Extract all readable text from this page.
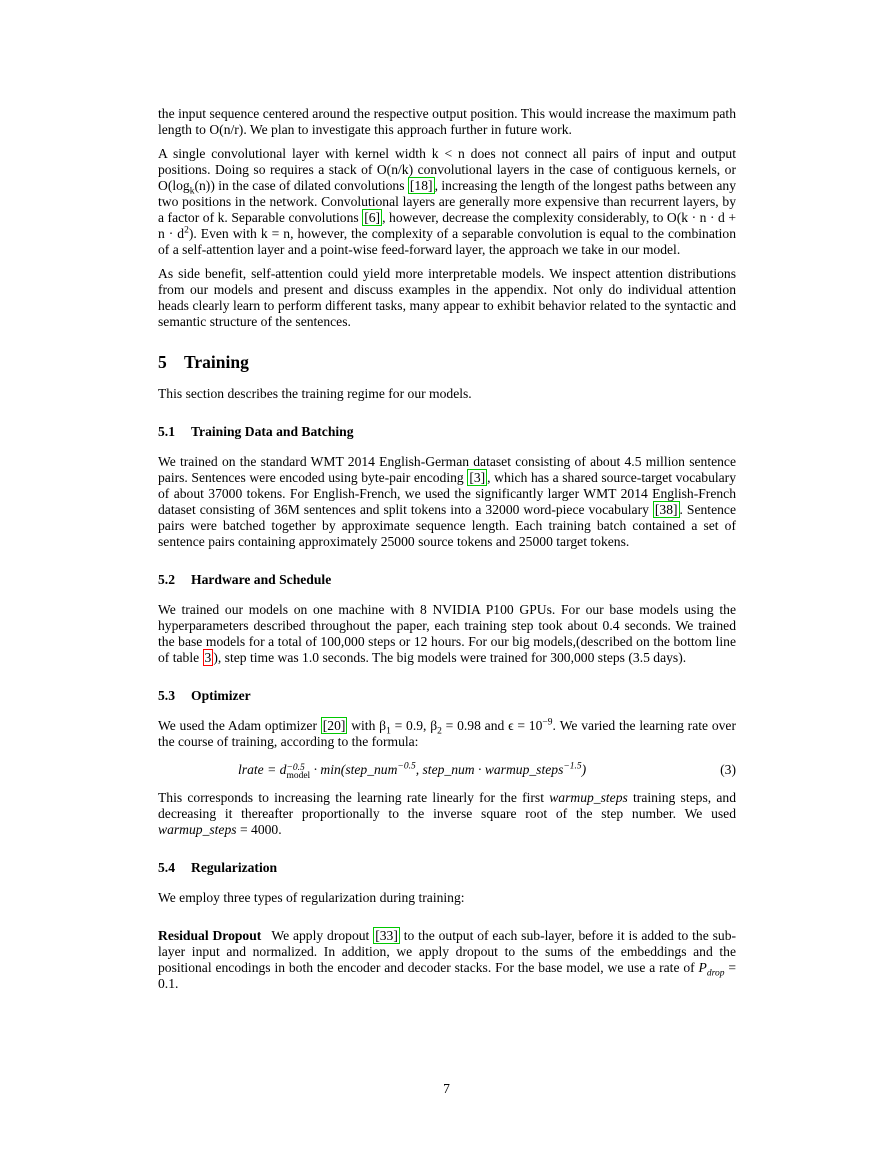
the input sequence centered around the respective output position. This would increase the maximum path length to O(n/r). We plan to investigate this approach further in future work.

A single convolutional layer with kernel width k < n does not connect all pairs of input and output positions. Doing so requires a stack of O(n/k) convolutional layers in the case of contiguous kernels, or $O(\log_k(n))$ in the case of dilated convolutions [18] , increasing the length of the longest paths between any two positions in the network. Convolutional layers are generally more expensive than recurrent layers, by a factor of k. Separable convolutions [6] , however, decrease the complexity considerably, to $O(k \cdot n \cdot d + n \cdot d^2)$. Even with k = n, however, the complexity of a separable convolution is equal to the combination of a self-attention layer and a point-wise feed-forward layer, the approach we take in our model.

As side benefit, self-attention could yield more interpretable models. We inspect attention distributions from our models and present and discuss examples in the appendix. Not only do individual attention heads clearly learn to perform different tasks, many appear to exhibit behavior related to the syntactic and semantic structure of the sentences.

5 Training

This section describes the training regime for our models.

5.1 Training Data and Batching

We trained on the standard WMT 2014 English-German dataset consisting of about 4.5 million sentence pairs. Sentences were encoded using byte-pair encoding [3] , which has a shared source-target vocabulary of about 37000 tokens. For English-French, we used the significantly larger WMT 2014 English-French dataset consisting of 36M sentences and split tokens into a 32000 word-piece vocabulary [38] . Sentence pairs were batched together by approximate sequence length. Each training batch contained a set of sentence pairs containing approximately 25000 source tokens and 25000 target tokens.

5.2 Hardware and Schedule

We trained our models on one machine with 8 NVIDIA P100 GPUs. For our base models using the hyperparameters described throughout the paper, each training step took about 0.4 seconds. We trained the base models for a total of 100,000 steps or 12 hours. For our big models,(described on the bottom line of table 3 ), step time was 1.0 seconds. The big models were trained for 300,000 steps (3.5 days).

5.3 Optimizer

We used the Adam optimizer [20] with $\beta_1 = 0.9$, $\beta_2 = 0.98$ and $\epsilon = 10^{-9}$. We varied the learning rate over the course of training, according to the formula:

lrate = d −0.5
model · min(step_num$^{-0.5}$, step_num · warmup_steps$^{-1.5}$)	(3)

This corresponds to increasing the learning rate linearly for the first warmup_steps training steps, and decreasing it thereafter proportionally to the inverse square root of the step number. We used warmup_steps = 4000.

5.4 Regularization

We employ three types of regularization during training:

Residual Dropout We apply dropout [33] to the output of each sub-layer, before it is added to the sub-layer input and normalized. In addition, we apply dropout to the sums of the embeddings and the positional encodings in both the encoder and decoder stacks. For the base model, we use a rate of $P_{drop} = 0.1$.

7
